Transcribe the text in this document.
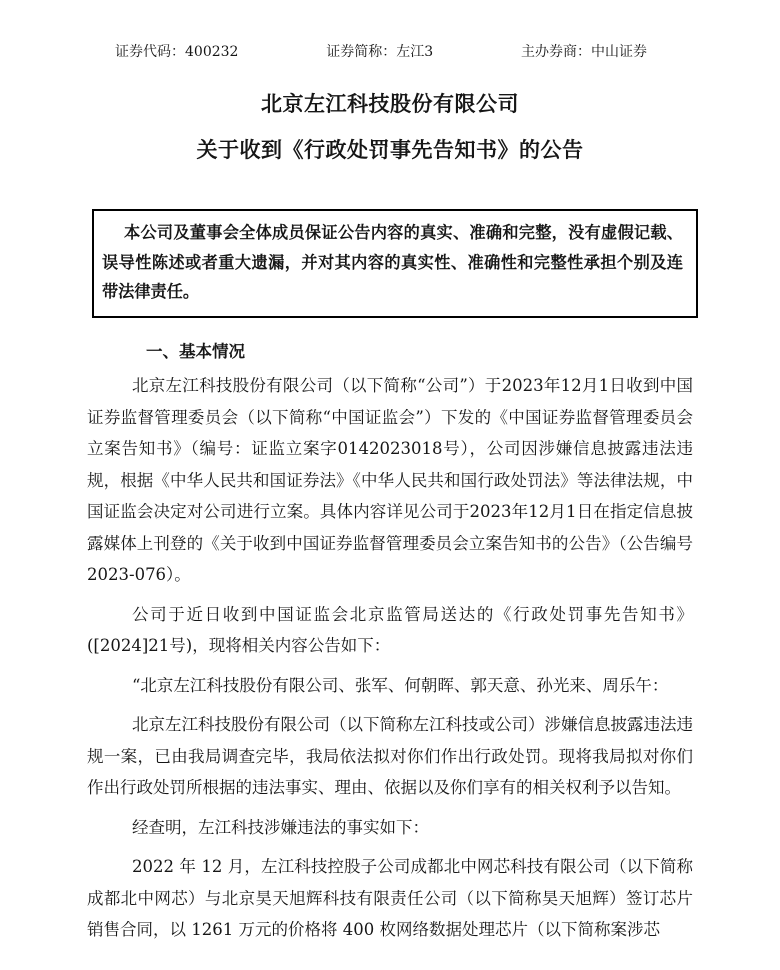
证券代码：400232	证券简称：左江3	主办券商：中山证券
北京左江科技股份有限公司
关于收到《行政处罚事先告知书》的公告

本公司及董事会全体成员保证公告内容的真实、准确和完整，没有虚假记载、误导性陈述或者重大遗漏，并对其内容的真实性、准确性和完整性承担个别及连带法律责任。

一、基本情况

北京左江科技股份有限公司（以下简称“公司”）于2023年12月1日收到中国证券监督管理委员会（以下简称“中国证监会”）下发的《中国证券监督管理委员会立案告知书》（编号：证监立案字0142023018号），公司因涉嫌信息披露违法违规，根据《中华人民共和国证券法》《中华人民共和国行政处罚法》等法律法规，中国证监会决定对公司进行立案。具体内容详见公司于2023年12月1日在指定信息披露媒体上刊登的《关于收到中国证券监督管理委员会立案告知书的公告》（公告编号 2023-076）。

公司于近日收到中国证监会北京监管局送达的《行政处罚事先告知书》([2024]21号)，现将相关内容公告如下：

“北京左江科技股份有限公司、张军、何朝晖、郭天意、孙光来、周乐午：

北京左江科技股份有限公司（以下简称左江科技或公司）涉嫌信息披露违法违规一案，已由我局调查完毕，我局依法拟对你们作出行政处罚。现将我局拟对你们作出行政处罚所根据的违法事实、理由、依据以及你们享有的相关权利予以告知。

经查明，左江科技涉嫌违法的事实如下：

2022 年 12 月，左江科技控股子公司成都北中网芯科技有限公司（以下简称成都北中网芯）与北京昊天旭辉科技有限责任公司（以下简称昊天旭辉）签订芯片销售合同，以 1261 万元的价格将 400 枚网络数据处理芯片（以下简称案涉芯
